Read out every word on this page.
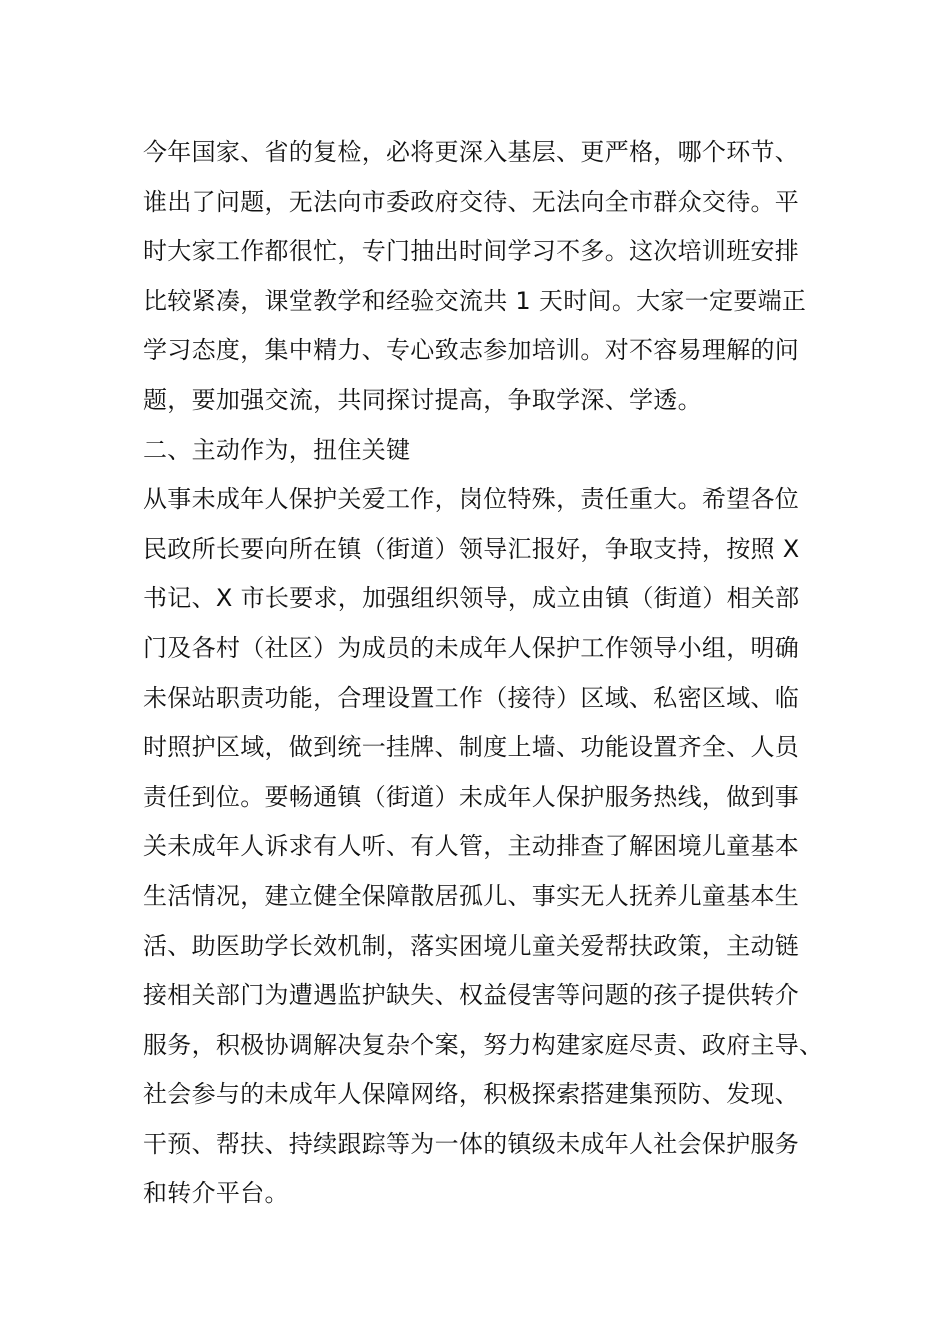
今年国家、省的复检，必将更深入基层、更严格，哪个环节、
谁出了问题，无法向市委政府交待、无法向全市群众交待。平
时大家工作都很忙，专门抽出时间学习不多。这次培训班安排
比较紧凑，课堂教学和经验交流共 1 天时间。大家一定要端正
学习态度，集中精力、专心致志参加培训。对不容易理解的问
题，要加强交流，共同探讨提高，争取学深、学透。
二、主动作为，扭住关键
从事未成年人保护关爱工作，岗位特殊，责任重大。希望各位
民政所长要向所在镇（街道）领导汇报好，争取支持，按照 X
书记、X 市长要求，加强组织领导，成立由镇（街道）相关部
门及各村（社区）为成员的未成年人保护工作领导小组，明确
未保站职责功能，合理设置工作（接待）区域、私密区域、临
时照护区域，做到统一挂牌、制度上墙、功能设置齐全、人员
责任到位。要畅通镇（街道）未成年人保护服务热线，做到事
关未成年人诉求有人听、有人管，主动排查了解困境儿童基本
生活情况，建立健全保障散居孤儿、事实无人抚养儿童基本生
活、助医助学长效机制，落实困境儿童关爱帮扶政策，主动链
接相关部门为遭遇监护缺失、权益侵害等问题的孩子提供转介
服务，积极协调解决复杂个案，努力构建家庭尽责、政府主导、
社会参与的未成年人保障网络，积极探索搭建集预防、发现、
干预、帮扶、持续跟踪等为一体的镇级未成年人社会保护服务
和转介平台。
